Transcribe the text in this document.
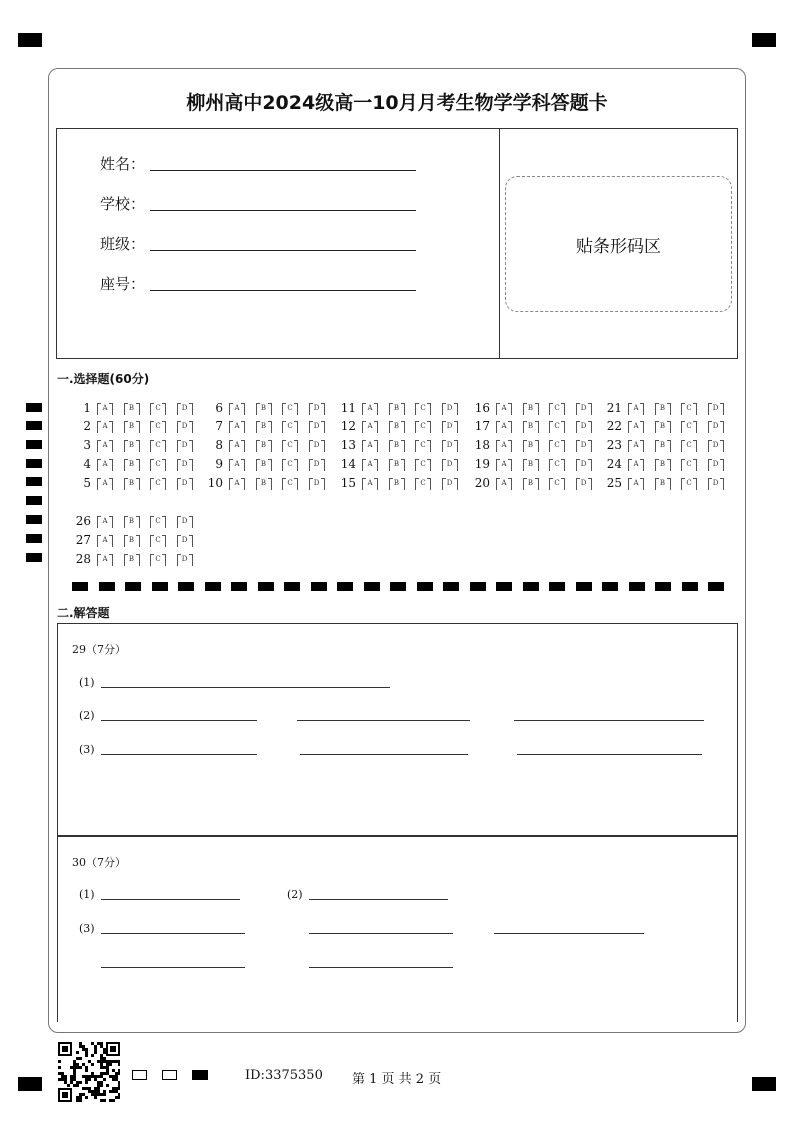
柳州高中2024级高一10月月考生物学学科答题卡
姓名：
学校：
班级：
座号：
贴条形码区
一.选择题(60分)
1	A	B	C	D
2	A	B	C	D
3	A	B	C	D
4	A	B	C	D
5	A	B	C	D
6	A	B	C	D
7	A	B	C	D
8	A	B	C	D
9	A	B	C	D
10	A	B	C	D
11	A	B	C	D
12	A	B	C	D
13	A	B	C	D
14	A	B	C	D
15	A	B	C	D
16	A	B	C	D
17	A	B	C	D
18	A	B	C	D
19	A	B	C	D
20	A	B	C	D
21	A	B	C	D
22	A	B	C	D
23	A	B	C	D
24	A	B	C	D
25	A	B	C	D
26	A	B	C	D
27	A	B	C	D
28	A	B	C	D
二.解答题
29（7分）
(1)
(2)
(3)
30（7分）
(1)	(2)
(3)
ID:3375350 第 1 页 共 2 页
